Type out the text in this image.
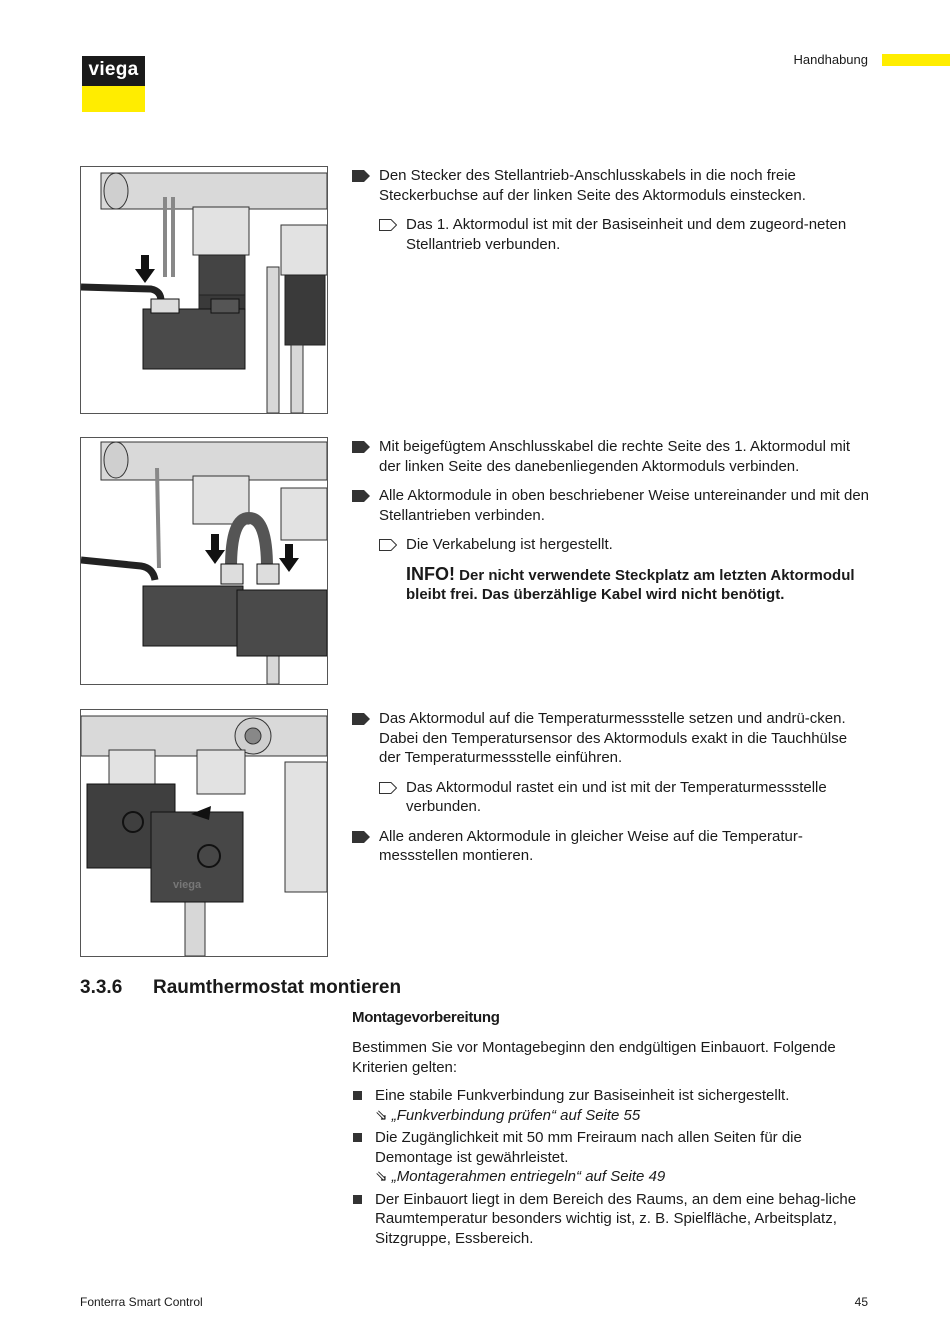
viega	Handhabung
Den Stecker des Stellantrieb-Anschlusskabels in die noch freie Steckerbuchse auf der linken Seite des Aktormoduls einstecken.
Das 1. Aktormodul ist mit der Basiseinheit und dem zugeord-neten Stellantrieb verbunden.
Mit beigefügtem Anschlusskabel die rechte Seite des 1. Aktormodul mit der linken Seite des danebenliegenden Aktormoduls verbinden.
Alle Aktormodule in oben beschriebener Weise untereinander und mit den Stellantrieben verbinden.
Die Verkabelung ist hergestellt.
INFO! Der nicht verwendete Steckplatz am letzten Aktormodul bleibt frei. Das überzählige Kabel wird nicht benötigt.
viega
Das Aktormodul auf die Temperaturmessstelle setzen und andrü-cken. Dabei den Temperatursensor des Aktormoduls exakt in die Tauchhülse der Temperaturmessstelle einführen.
Das Aktormodul rastet ein und ist mit der Temperaturmessstelle verbunden.
Alle anderen Aktormodule in gleicher Weise auf die Temperatur-messstellen montieren.
3.3.6 Raumthermostat montieren
Montagevorbereitung
Bestimmen Sie vor Montagebeginn den endgültigen Einbauort. Folgende Kriterien gelten:
Eine stabile Funkverbindung zur Basiseinheit ist sichergestellt.
⇘ „Funkverbindung prüfen“ auf Seite 55
Die Zugänglichkeit mit 50 mm Freiraum nach allen Seiten für die Demontage ist gewährleistet.
⇘ „Montagerahmen entriegeln“ auf Seite 49
Der Einbauort liegt in dem Bereich des Raums, an dem eine behag-liche Raumtemperatur besonders wichtig ist, z. B. Spielfläche, Arbeitsplatz, Sitzgruppe, Essbereich.
Fonterra Smart Control	45
